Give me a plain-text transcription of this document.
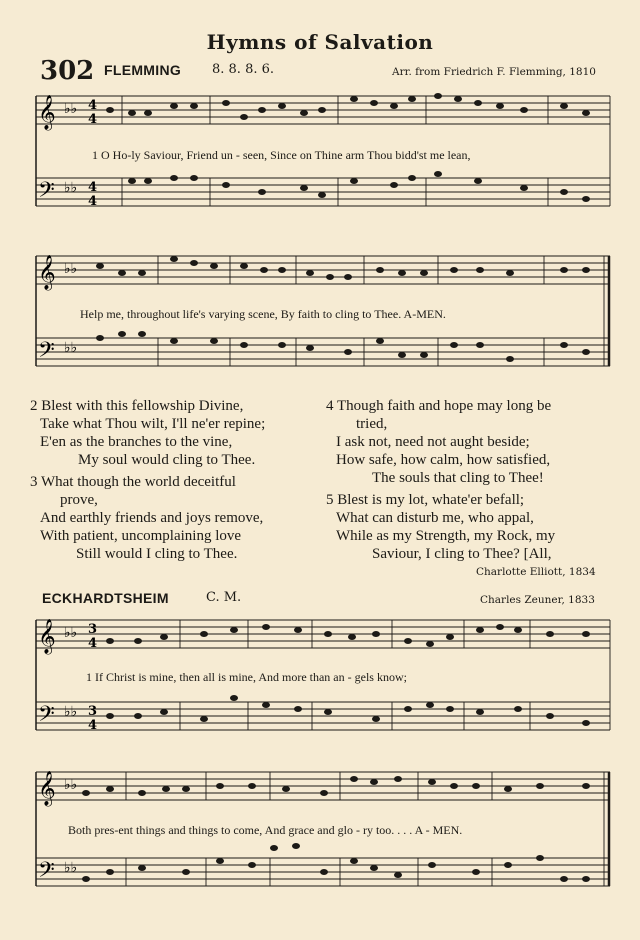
Hymns of Salvation
302 FLEMMING 8. 8. 8. 6.	Arr. from Friedrich F. Flemming, 1810
𝄞
𝄢
♭♭
♭♭
4
4
4
4
1 O Ho-ly Saviour, Friend un - seen, Since on Thine arm Thou bidd'st me lean,
𝄞
𝄢
♭♭
♭♭
Help me, throughout life's varying scene, By faith to cling to Thee. A-MEN.
2 Blest with this fellowship Divine,
Take what Thou wilt, I'll ne'er repine;
E'en as the branches to the vine,
My soul would cling to Thee.
3 What though the world deceitful
prove,
And earthly friends and joys remove,
With patient, uncomplaining love
Still would I cling to Thee.
4 Though faith and hope may long be
tried,
I ask not, need not aught beside;
How safe, how calm, how satisfied,
The souls that cling to Thee!
5 Blest is my lot, whate'er befall;
What can disturb me, who appal,
While as my Strength, my Rock, my
Saviour, I cling to Thee? [All,
Charlotte Elliott, 1834
ECKHARDTSHEIM	C. M.	Charles Zeuner, 1833
𝄞
𝄢
♭♭
♭♭
3
4
3
4
1 If Christ is mine, then all is mine, And more than an - gels know;
𝄞
𝄢
♭♭
♭♭
Both pres-ent things and things to come, And grace and glo - ry too. . . . A - MEN.
